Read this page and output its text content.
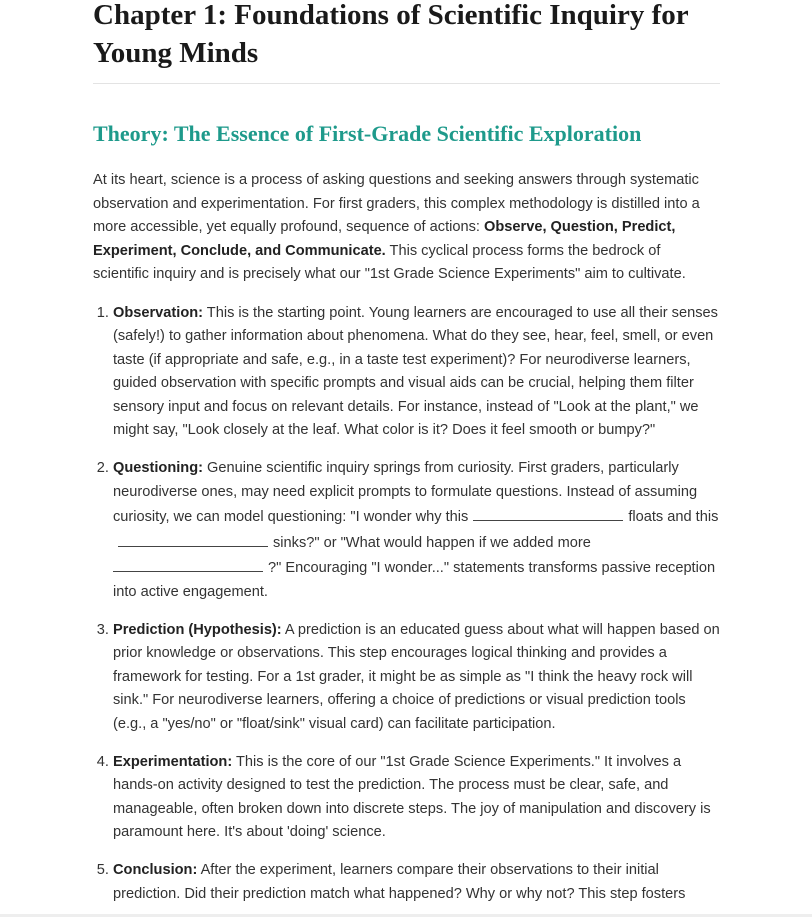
Chapter 1: Foundations of Scientific Inquiry for Young Minds
Theory: The Essence of First-Grade Scientific Exploration

At its heart, science is a process of asking questions and seeking answers through systematic observation and experimentation. For first graders, this complex methodology is distilled into a more accessible, yet equally profound, sequence of actions: Observe, Question, Predict, Experiment, Conclude, and Communicate. This cyclical process forms the bedrock of scientific inquiry and is precisely what our "1st Grade Science Experiments" aim to cultivate.

1. Observation: This is the starting point. Young learners are encouraged to use all their senses (safely!) to gather information about phenomena. What do they see, hear, feel, smell, or even taste (if appropriate and safe, e.g., in a taste test experiment)? For neurodiverse learners, guided observation with specific prompts and visual aids can be crucial, helping them filter sensory input and focus on relevant details. For instance, instead of "Look at the plant," we might say, "Look closely at the leaf. What color is it? Does it feel smooth or bumpy?"
2. Questioning: Genuine scientific inquiry springs from curiosity. First graders, particularly neurodiverse ones, may need explicit prompts to formulate questions. Instead of assuming curiosity, we can model questioning: "I wonder why this	floats and thissinks?" or "What would happen if we added more ?" Encouraging "I wonder..." statements transforms passive reception into active engagement.
3. Prediction (Hypothesis): A prediction is an educated guess about what will happen based on prior knowledge or observations. This step encourages logical thinking and provides a framework for testing. For a 1st grader, it might be as simple as "I think the heavy rock will sink." For neurodiverse learners, offering a choice of predictions or visual prediction tools (e.g., a "yes/no" or "float/sink" visual card) can facilitate participation.
4. Experimentation: This is the core of our "1st Grade Science Experiments." It involves a hands-on activity designed to test the prediction. The process must be clear, safe, and manageable, often broken down into discrete steps. The joy of manipulation and discovery is paramount here. It's about 'doing' science.
5. Conclusion: After the experiment, learners compare their observations to their initial prediction. Did their prediction match what happened? Why or why not? This step fosters
